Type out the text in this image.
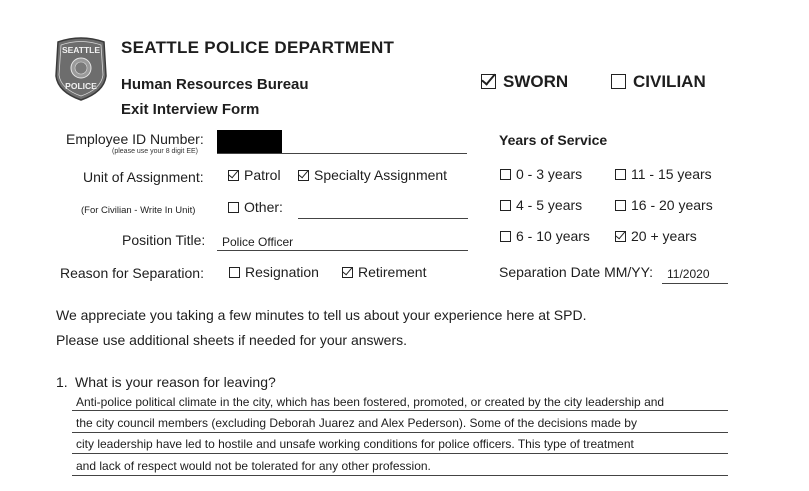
SEATTLE
POLICE
SEATTLE POLICE DEPARTMENT
Human Resources Bureau
Exit Interview Form
SWORN	CIVILIAN
Employee ID Number:
(please use your 8 digit EE)
Unit of Assignment:	Patrol	Specialty Assignment
(For Civilian - Write In Unit)	Other:
Position Title: Police Officer
Reason for Separation:	Resignation	Retirement
Years of Service
0 - 3 years	11 - 15 years
4 - 5 years	16 - 20 years
6 - 10 years	20 + years
Separation Date MM/YY: 11/2020
We appreciate you taking a few minutes to tell us about your experience here at SPD.
Please use additional sheets if needed for your answers.
1. What is your reason for leaving?
Anti-police political climate in the city, which has been fostered, promoted, or created by the city leadership and
the city council members (excluding Deborah Juarez and Alex Pederson). Some of the decisions made by
city leadership have led to hostile and unsafe working conditions for police officers. This type of treatment
and lack of respect would not be tolerated for any other profession.
